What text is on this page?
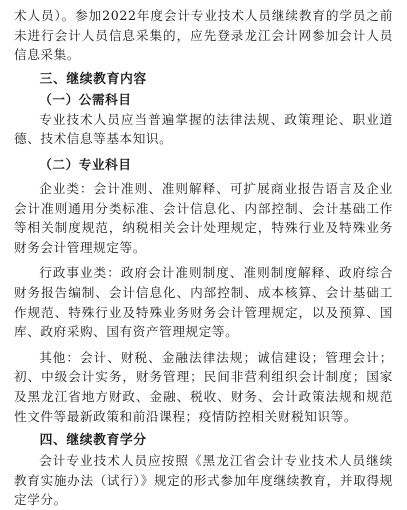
术人员）。参加2022年度会计专业技术人员继续教育的学员之前未进行会计人员信息采集的，应先登录龙江会计网参加会计人员信息采集。

三、继续教育内容

（一）公需科目

专业技术人员应当普遍掌握的法律法规、政策理论、职业道德、技术信息等基本知识。

（二）专业科目

企业类：会计准则、准则解释、可扩展商业报告语言及企业会计准则通用分类标准、会计信息化、内部控制、会计基础工作等相关制度规范，纳税相关会计处理规定，特殊行业及特殊业务财务会计管理规定等。

行政事业类：政府会计准则制度、准则制度解释、政府综合财务报告编制、会计信息化、内部控制、成本核算、会计基础工作规范、特殊行业及特殊业务财务会计管理规定，以及预算、国库、政府采购、国有资产管理规定等。

其他：会计、财税、金融法律法规；诚信建设；管理会计；初、中级会计实务，财务管理；民间非营利组织会计制度；国家及黑龙江省地方财政、金融、税收、财务、会计政策法规和规范性文件等最新政策和前沿课程；疫情防控相关财税知识等。

四、继续教育学分

会计专业技术人员应按照《黑龙江省会计专业技术人员继续教育实施办法（试行）》规定的形式参加年度继续教育，并取得规定学分。
